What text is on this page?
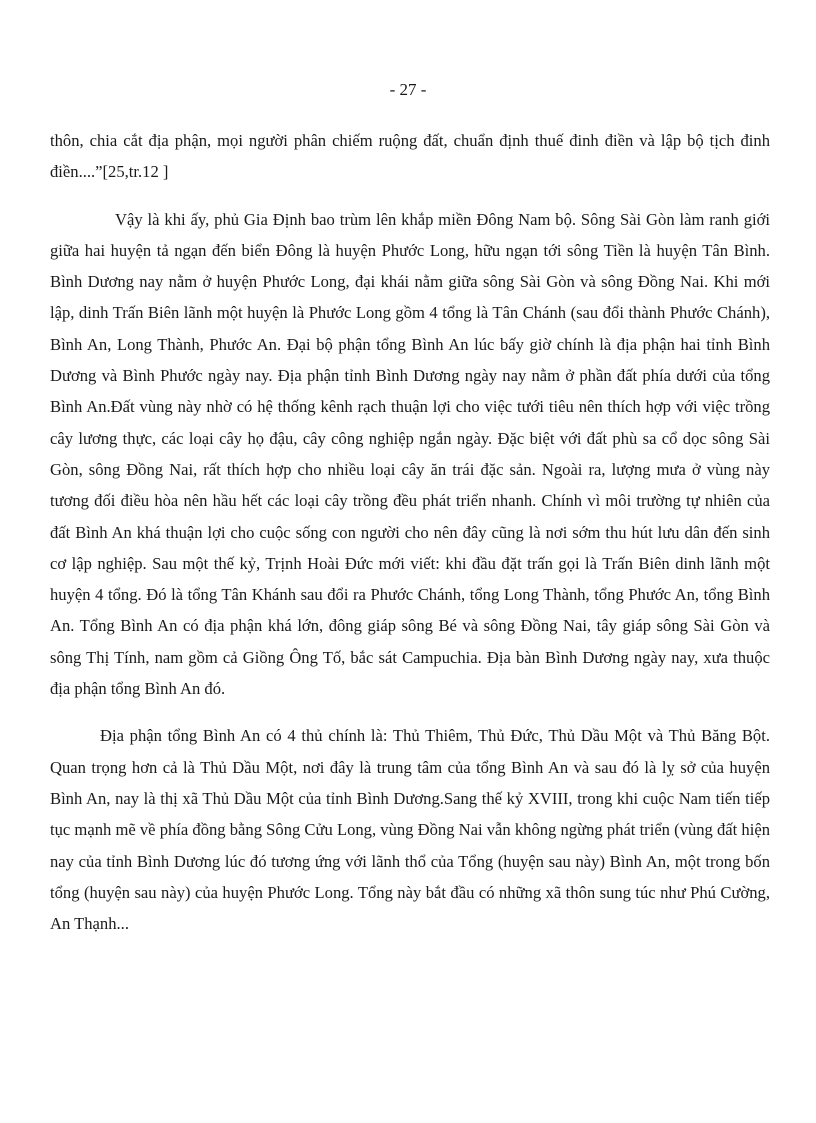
- 27 -

thôn, chia cắt địa phận, mọi người phân chiếm ruộng đất, chuẩn định thuế đinh điền và lập bộ tịch đinh điền....”[25,tr.12 ]

Vậy là khi ấy, phủ Gia Định bao trùm lên khắp miền Đông Nam bộ. Sông Sài Gòn làm ranh giới giữa hai huyện tả ngạn đến biển Đông là huyện Phước Long, hữu ngạn tới sông Tiền là huyện Tân Bình. Bình Dương nay nằm ở huyện Phước Long, đại khái nằm giữa sông Sài Gòn và sông Đồng Nai. Khi mới lập, dinh Trấn Biên lãnh một huyện là Phước Long gồm 4 tổng là Tân Chánh (sau đổi thành Phước Chánh), Bình An, Long Thành, Phước An. Đại bộ phận tổng Bình An lúc bấy giờ chính là địa phận hai tỉnh Bình Dương và Bình Phước ngày nay. Địa phận tỉnh Bình Dương ngày nay nằm ở phần đất phía dưới của tổng Bình An.Đất vùng này nhờ có hệ thống kênh rạch thuận lợi cho việc tưới tiêu nên thích hợp với việc trồng cây lương thực, các loại cây họ đậu, cây công nghiệp ngắn ngày. Đặc biệt với đất phù sa cổ dọc sông Sài Gòn, sông Đồng Nai, rất thích hợp cho nhiều loại cây ăn trái đặc sản. Ngoài ra, lượng mưa ở vùng này tương đối điều hòa nên hầu hết các loại cây trồng đều phát triển nhanh. Chính vì môi trường tự nhiên của đất Bình An khá thuận lợi cho cuộc sống con người cho nên đây cũng là nơi sớm thu hút lưu dân đến sinh cơ lập nghiệp. Sau một thế kỷ, Trịnh Hoài Đức mới viết: khi đầu đặt trấn gọi là Trấn Biên dinh lãnh một huyện 4 tổng. Đó là tổng Tân Khánh sau đổi ra Phước Chánh, tổng Long Thành, tổng Phước An, tổng Bình An. Tổng Bình An có địa phận khá lớn, đông giáp sông Bé và sông Đồng Nai, tây giáp sông Sài Gòn và sông Thị Tính, nam gồm cả Giồng Ông Tố, bắc sát Campuchia. Địa bàn Bình Dương ngày nay, xưa thuộc địa phận tổng Bình An đó.

Địa phận tổng Bình An có 4 thủ chính là: Thủ Thiêm, Thủ Đức, Thủ Dầu Một và Thủ Băng Bột. Quan trọng hơn cả là Thủ Dầu Một, nơi đây là trung tâm của tổng Bình An và sau đó là lỵ sở của huyện Bình An, nay là thị xã Thủ Dầu Một của tỉnh Bình Dương.Sang thế kỷ XVIII, trong khi cuộc Nam tiến tiếp tục mạnh mẽ về phía đồng bằng Sông Cửu Long, vùng Đồng Nai vẫn không ngừng phát triển (vùng đất hiện nay của tỉnh Bình Dương lúc đó tương ứng với lãnh thổ của Tổng (huyện sau này) Bình An, một trong bốn tổng (huyện sau này) của huyện Phước Long. Tổng này bắt đầu có những xã thôn sung túc như Phú Cường, An Thạnh...
